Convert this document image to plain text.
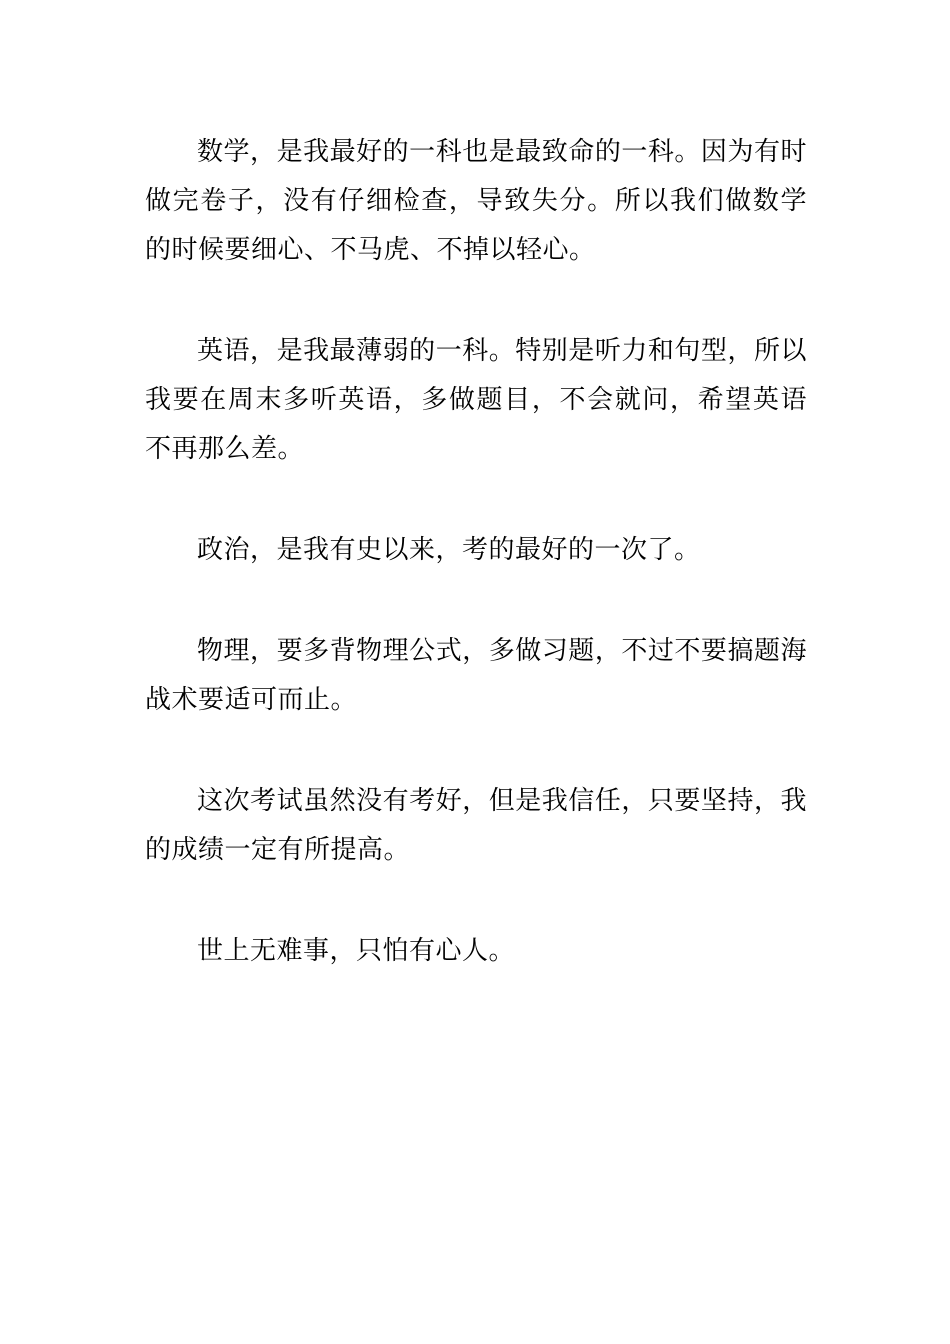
数学，是我最好的一科也是最致命的一科。因为有时做完卷子，没有仔细检查，导致失分。所以我们做数学的时候要细心、不马虎、不掉以轻心。

英语，是我最薄弱的一科。特别是听力和句型，所以我要在周末多听英语，多做题目，不会就问，希望英语不再那么差。

政治，是我有史以来，考的最好的一次了。

物理，要多背物理公式，多做习题，不过不要搞题海战术要适可而止。

这次考试虽然没有考好，但是我信任，只要坚持，我的成绩一定有所提高。

世上无难事，只怕有心人。
